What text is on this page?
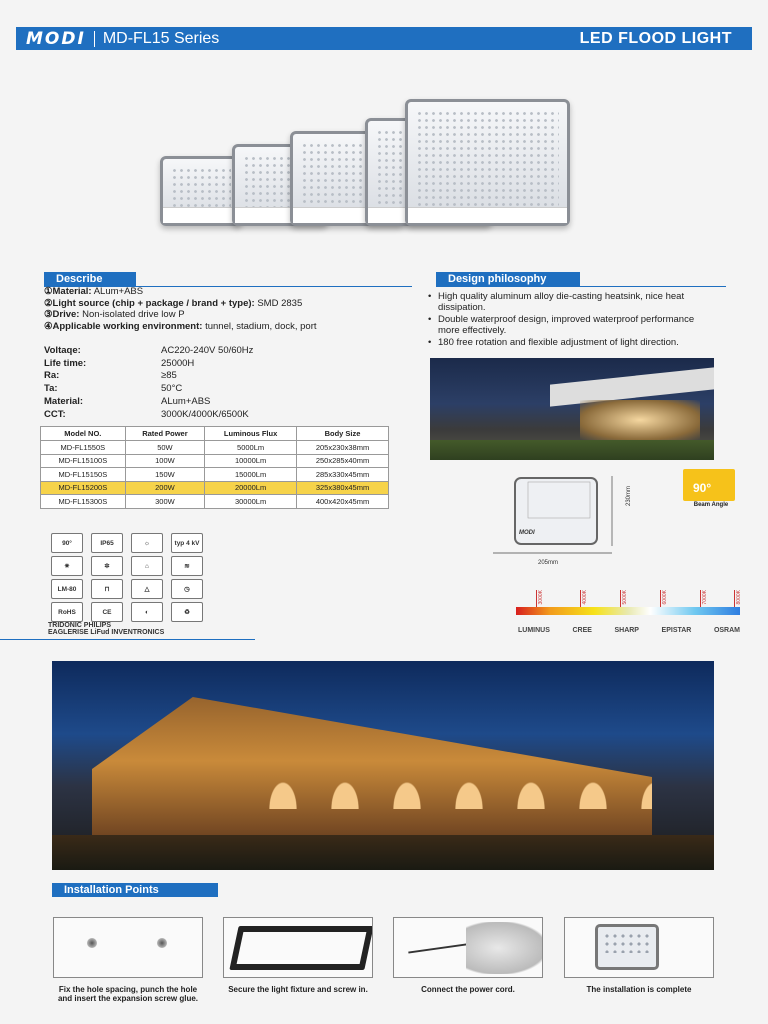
MODI MD-FL15 Series	LED FLOOD LIGHT
Describe
①Material: ALum+ABS
②Light source (chip + package / brand + type): SMD 2835
③Drive: Non-isolated drive low P
④Applicable working environment: tunnel, stadium, dock, port
Voltaqe:	AC220-240V 50/60Hz
Life time:	25000H
Ra:	≥85
Ta:	50°C
Material:	ALum+ABS
CCT:	3000K/4000K/6500K
Model NO.	Rated Power	Luminous Flux	Body Size
MD-FL1550S	50W	5000Lm	205x230x38mm
MD-FL15100S	100W	10000Lm	250x285x40mm
MD-FL15150S	150W	15000Lm	285x330x45mm
MD-FL15200S	200W	20000Lm	325x380x45mm
MD-FL15300S	300W	30000Lm	400x420x45mm
90°	IP65	☼	typ 4 kV
✷	✲	⌂	≋
LM-80	⊓	△	◷
RoHS	CE	◐	♻
TRIDONIC PHILIPS
EAGLERISE LiFud INVENTRONICS
Design philosophy
• High quality aluminum alloy die-casting heatsink, nice heat dissipation.
• Double waterproof design, improved waterproof performance more effectively.
• 180 free rotation and flexible adjustment of light direction.
MODI
205mm
230mm	90°
Beam Angle
3000K	4000K	5000K	6000K	7000K	8000K
LUMINUS	CREE	SHARP	EPISTAR	OSRAM
Installation Points
Fix the hole spacing, punch the hole and insert the expansion screw glue.
Secure the light fixture and screw in.	Connect the power cord.	The installation is complete
